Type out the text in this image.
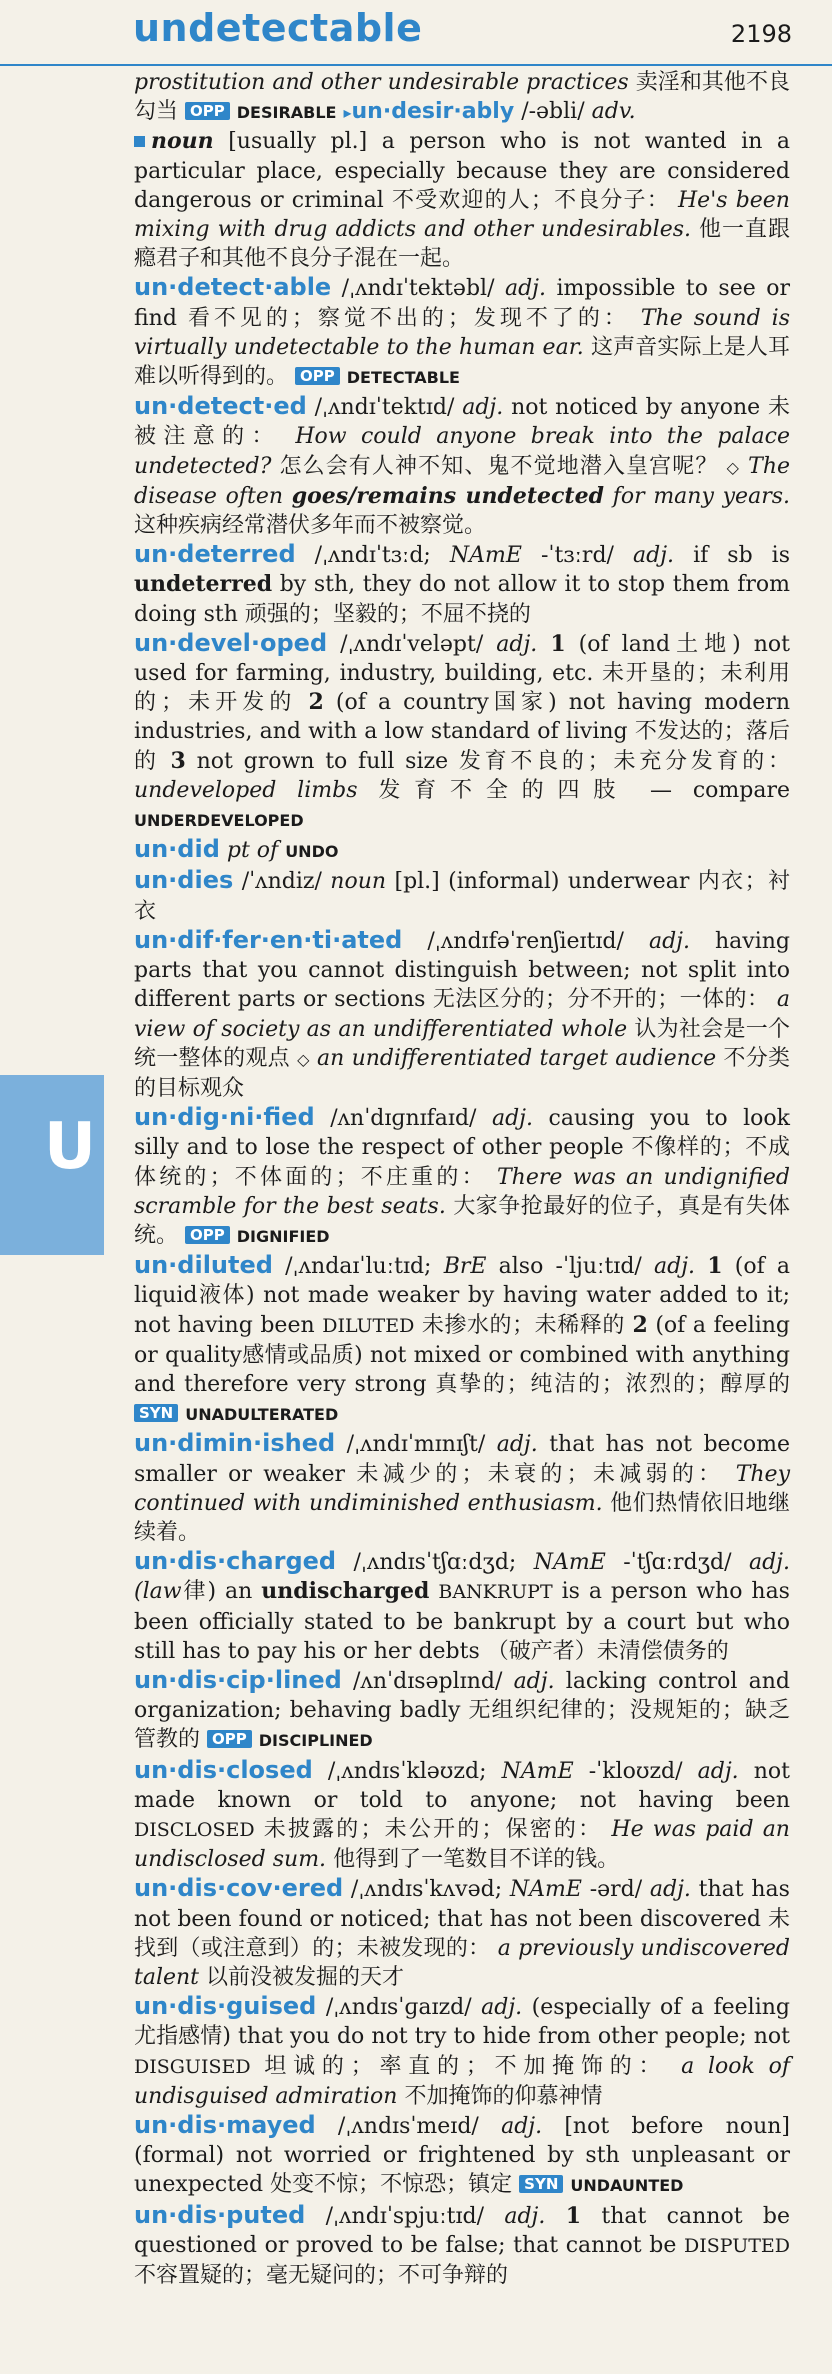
undetectable	2198
U

prostitution and other undesirable practices 卖淫和其他不良勾当 OPP DESIRABLE ▸un·desir·ably /-əbli/ adv.

noun [usually pl.] a person who is not wanted in a particular place, especially because they are considered dangerous or criminal 不受欢迎的人；不良分子： He's been mixing with drug addicts and other undesirables. 他一直跟瘾君子和其他不良分子混在一起。

un·detect·able /ˌʌndɪˈtektəbl/ adj. impossible to see or find 看不见的；察觉不出的；发现不了的： The sound is virtually undetectable to the human ear. 这声音实际上是人耳难以听得到的。 OPP DETECTABLE

un·detect·ed /ˌʌndɪˈtektɪd/ adj. not noticed by anyone 未被注意的： How could anyone break into the palace undetected? 怎么会有人神不知、鬼不觉地潜入皇宫呢？ ◇ The disease often goes/remains undetected for many years. 这种疾病经常潜伏多年而不被察觉。

un·deterred /ˌʌndɪˈtɜːd; NAmE -ˈtɜːrd/ adj. if sb is undeterred by sth, they do not allow it to stop them from doing sth 顽强的；坚毅的；不屈不挠的

un·devel·oped /ˌʌndɪˈveləpt/ adj. 1 (of land土地) not used for farming, industry, building, etc. 未开垦的；未利用的；未开发的 2 (of a country国家) not having modern industries, and with a low standard of living 不发达的；落后的 3 not grown to full size 发育不良的；未充分发育的： undeveloped limbs 发育不全的四肢 — compare UNDERDEVELOPED

un·did pt of UNDO

un·dies /ˈʌndiz/ noun [pl.] (informal) underwear 内衣；衬衣

un·dif·fer·en·ti·ated /ˌʌndɪfəˈrenʃieɪtɪd/ adj. having parts that you cannot distinguish between; not split into different parts or sections 无法区分的；分不开的；一体的： a view of society as an undifferentiated whole 认为社会是一个统一整体的观点 ◇ an undifferentiated target audience 不分类的目标观众

un·dig·ni·fied /ʌnˈdɪɡnɪfaɪd/ adj. causing you to look silly and to lose the respect of other people 不像样的；不成体统的；不体面的；不庄重的： There was an undignified scramble for the best seats. 大家争抢最好的位子，真是有失体统。 OPP DIGNIFIED

un·diluted /ˌʌndaɪˈluːtɪd; BrE also -ˈljuːtɪd/ adj. 1 (of a liquid液体) not made weaker by having water added to it; not having been DILUTED 未掺水的；未稀释的 2 (of a feeling or quality感情或品质) not mixed or combined with anything and therefore very strong 真挚的；纯洁的；浓烈的；醇厚的 SYN UNADULTERATED

un·dimin·ished /ˌʌndɪˈmɪnɪʃt/ adj. that has not become smaller or weaker 未减少的；未衰的；未减弱的： They continued with undiminished enthusiasm. 他们热情依旧地继续着。

un·dis·charged /ˌʌndɪsˈtʃɑːdʒd; NAmE -ˈtʃɑːrdʒd/ adj. (law律) an undischarged BANKRUPT is a person who has been officially stated to be bankrupt by a court but who still has to pay his or her debts （破产者）未清偿债务的

un·dis·cip·lined /ʌnˈdɪsəplɪnd/ adj. lacking control and organization; behaving badly 无组织纪律的；没规矩的；缺乏管教的 OPP DISCIPLINED

un·dis·closed /ˌʌndɪsˈkləʊzd; NAmE -ˈkloʊzd/ adj. not made known or told to anyone; not having been DISCLOSED 未披露的；未公开的；保密的： He was paid an undisclosed sum. 他得到了一笔数目不详的钱。

un·dis·cov·ered /ˌʌndɪsˈkʌvəd; NAmE -ərd/ adj. that has not been found or noticed; that has not been discovered 未找到（或注意到）的；未被发现的： a previously undiscovered talent 以前没被发掘的天才

un·dis·guised /ˌʌndɪsˈɡaɪzd/ adj. (especially of a feeling尤指感情) that you do not try to hide from other people; not DISGUISED 坦诚的；率直的；不加掩饰的： a look of undisguised admiration 不加掩饰的仰慕神情

un·dis·mayed /ˌʌndɪsˈmeɪd/ adj. [not before noun] (formal) not worried or frightened by sth unpleasant or unexpected 处变不惊；不惊恐；镇定 SYN UNDAUNTED

un·dis·puted /ˌʌndɪˈspjuːtɪd/ adj. 1 that cannot be questioned or proved to be false; that cannot be DISPUTED 不容置疑的；毫无疑问的；不可争辩的
